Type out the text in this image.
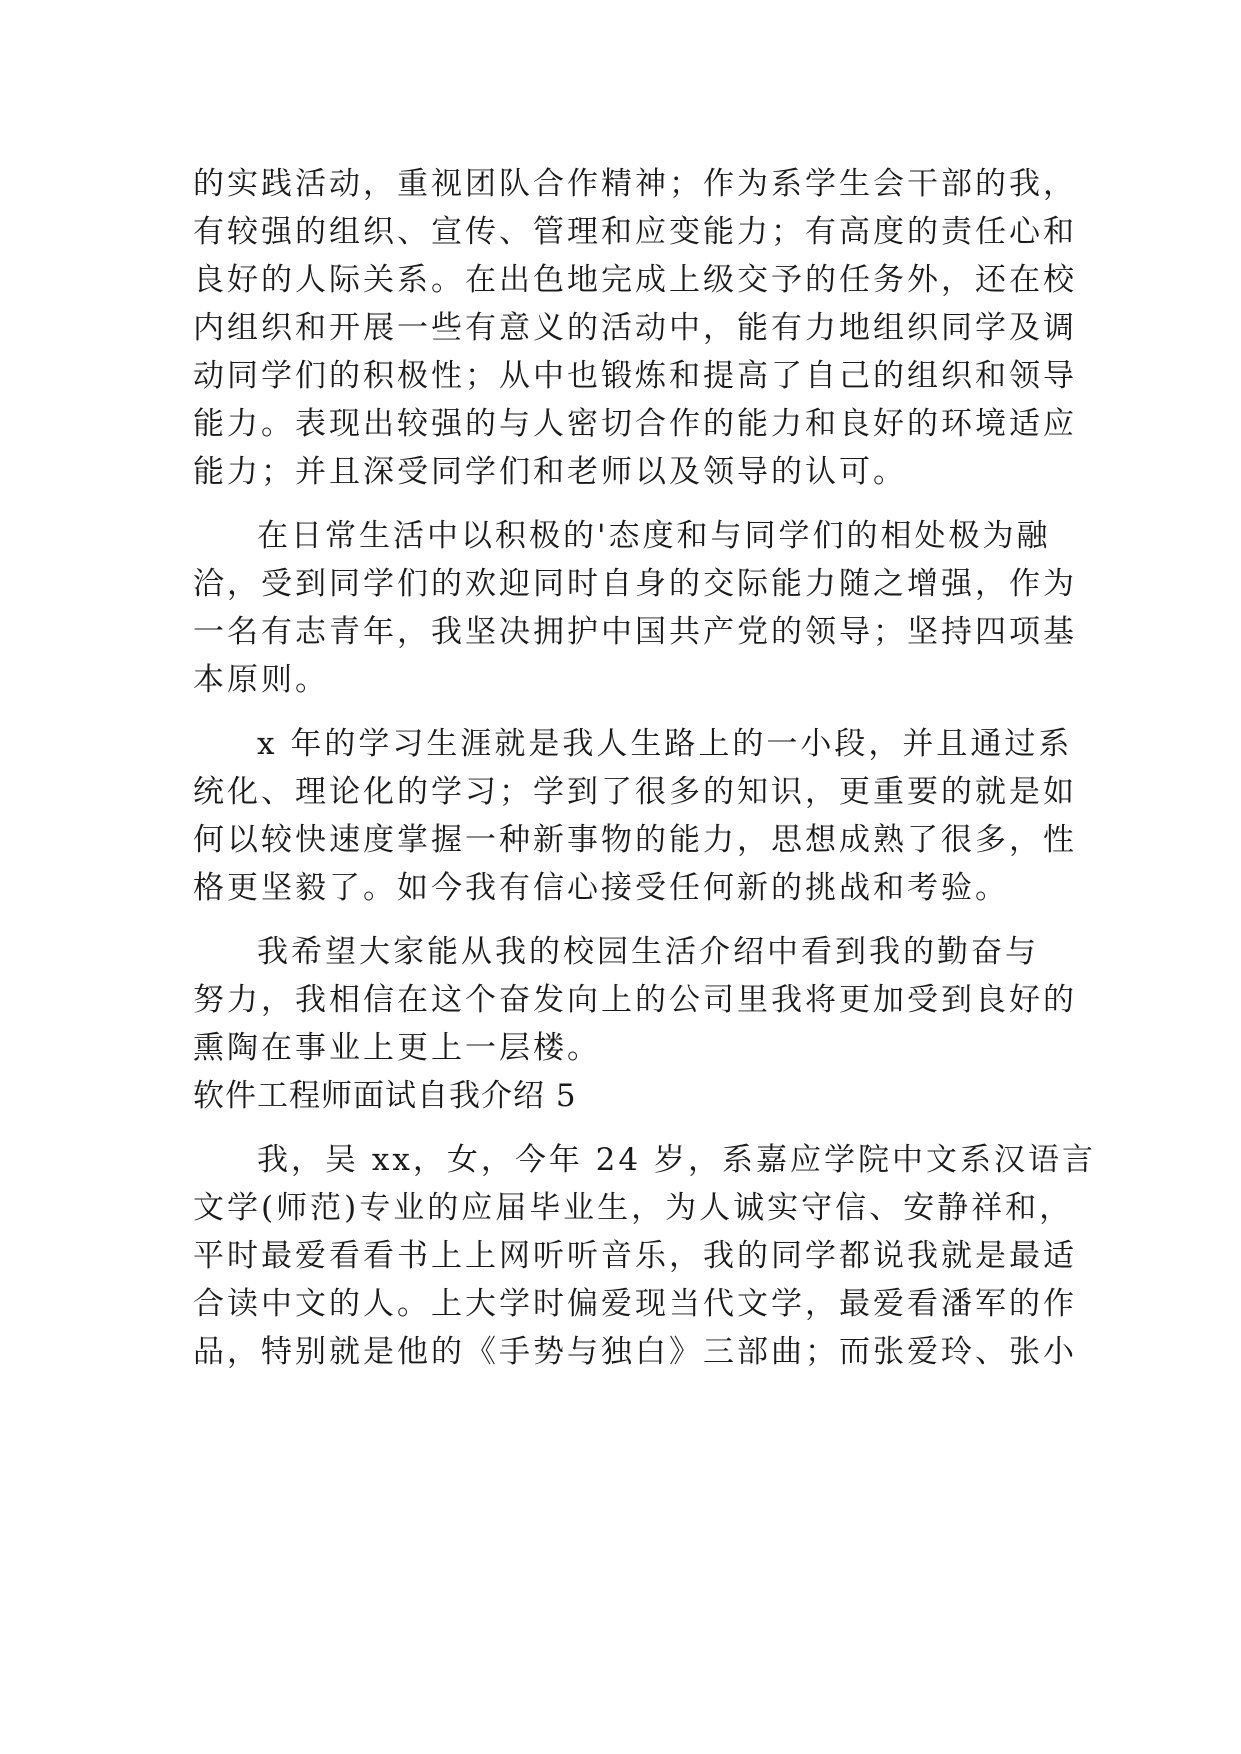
的实践活动，重视团队合作精神；作为系学生会干部的我，
有较强的组织、宣传、管理和应变能力；有高度的责任心和
良好的人际关系。在出色地完成上级交予的任务外，还在校
内组织和开展一些有意义的活动中，能有力地组织同学及调
动同学们的积极性；从中也锻炼和提高了自己的组织和领导
能力。表现出较强的与人密切合作的能力和良好的环境适应
能力；并且深受同学们和老师以及领导的认可。
在日常生活中以积极的'态度和与同学们的相处极为融
洽，受到同学们的欢迎同时自身的交际能力随之增强，作为
一名有志青年，我坚决拥护中国共产党的领导；坚持四项基
本原则。
x 年的学习生涯就是我人生路上的一小段，并且通过系
统化、理论化的学习；学到了很多的知识，更重要的就是如
何以较快速度掌握一种新事物的能力，思想成熟了很多，性
格更坚毅了。如今我有信心接受任何新的挑战和考验。
我希望大家能从我的校园生活介绍中看到我的勤奋与
努力，我相信在这个奋发向上的公司里我将更加受到良好的
熏陶在事业上更上一层楼。
软件工程师面试自我介绍 5
我，吴 xx，女，今年 24 岁，系嘉应学院中文系汉语言
文学(师范)专业的应届毕业生，为人诚实守信、安静祥和，
平时最爱看看书上上网听听音乐，我的同学都说我就是最适
合读中文的人。上大学时偏爱现当代文学，最爱看潘军的作
品，特别就是他的《手势与独白》三部曲；而张爱玲、张小
